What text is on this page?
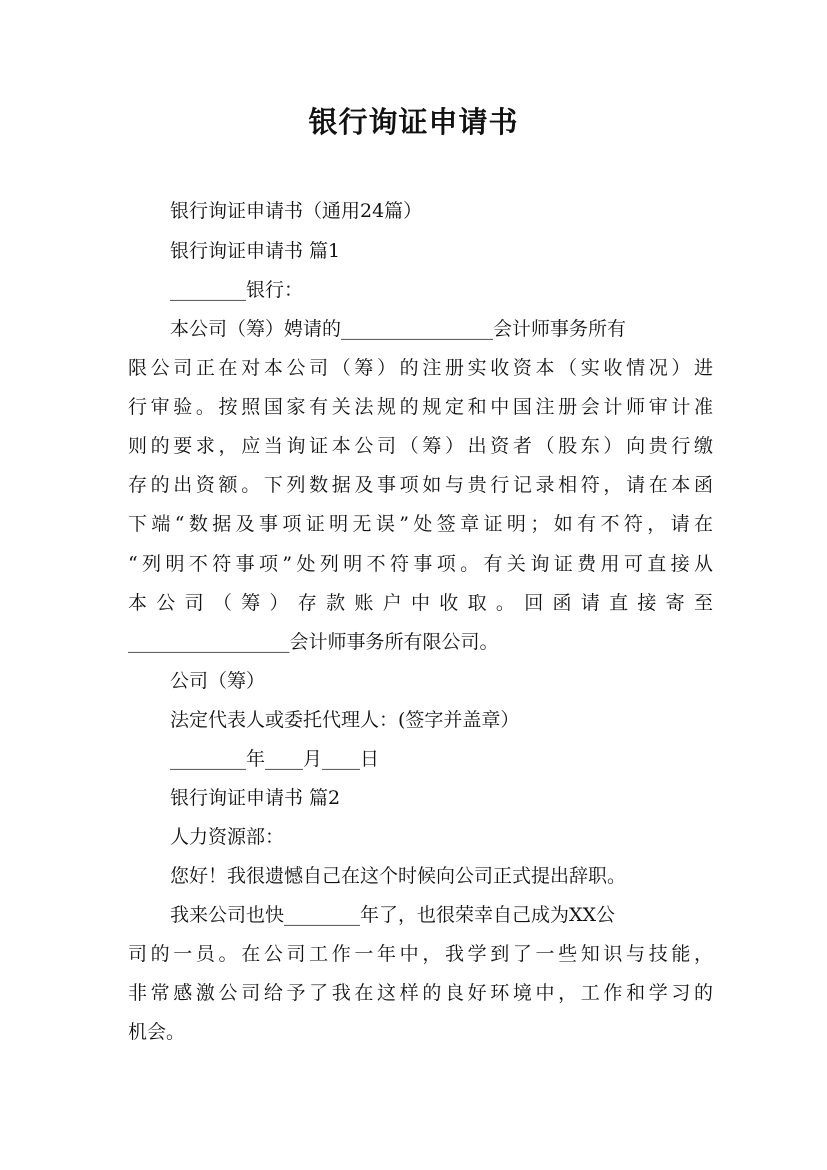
银行询证申请书
银行询证申请书（通用24篇）
银行询证申请书 篇1
________银行：
本公司（筹）娉请的________________会计师事务所有
限公司正在对本公司（筹）的注册实收资本（实收情况）进
行审验。按照国家有关法规的规定和中国注册会计师审计准
则的要求，应当询证本公司（筹）出资者（股东）向贵行缴
存的出资额。下列数据及事项如与贵行记录相符，请在本函
下端“数据及事项证明无误”处签章证明；如有不符，请在
“列明不符事项”处列明不符事项。有关询证费用可直接从
本公司（筹）存款账户中收取。回函请直接寄至
_________________会计师事务所有限公司。
公司（筹）
法定代表人或委托代理人：(签字并盖章）
________年____月____日
银行询证申请书 篇2
人力资源部：
您好！我很遗憾自己在这个时候向公司正式提出辞职。
我来公司也快________年了，也很荣幸自己成为XX公
司的一员。在公司工作一年中，我学到了一些知识与技能，
非常感激公司给予了我在这样的良好环境中，工作和学习的
机会。
